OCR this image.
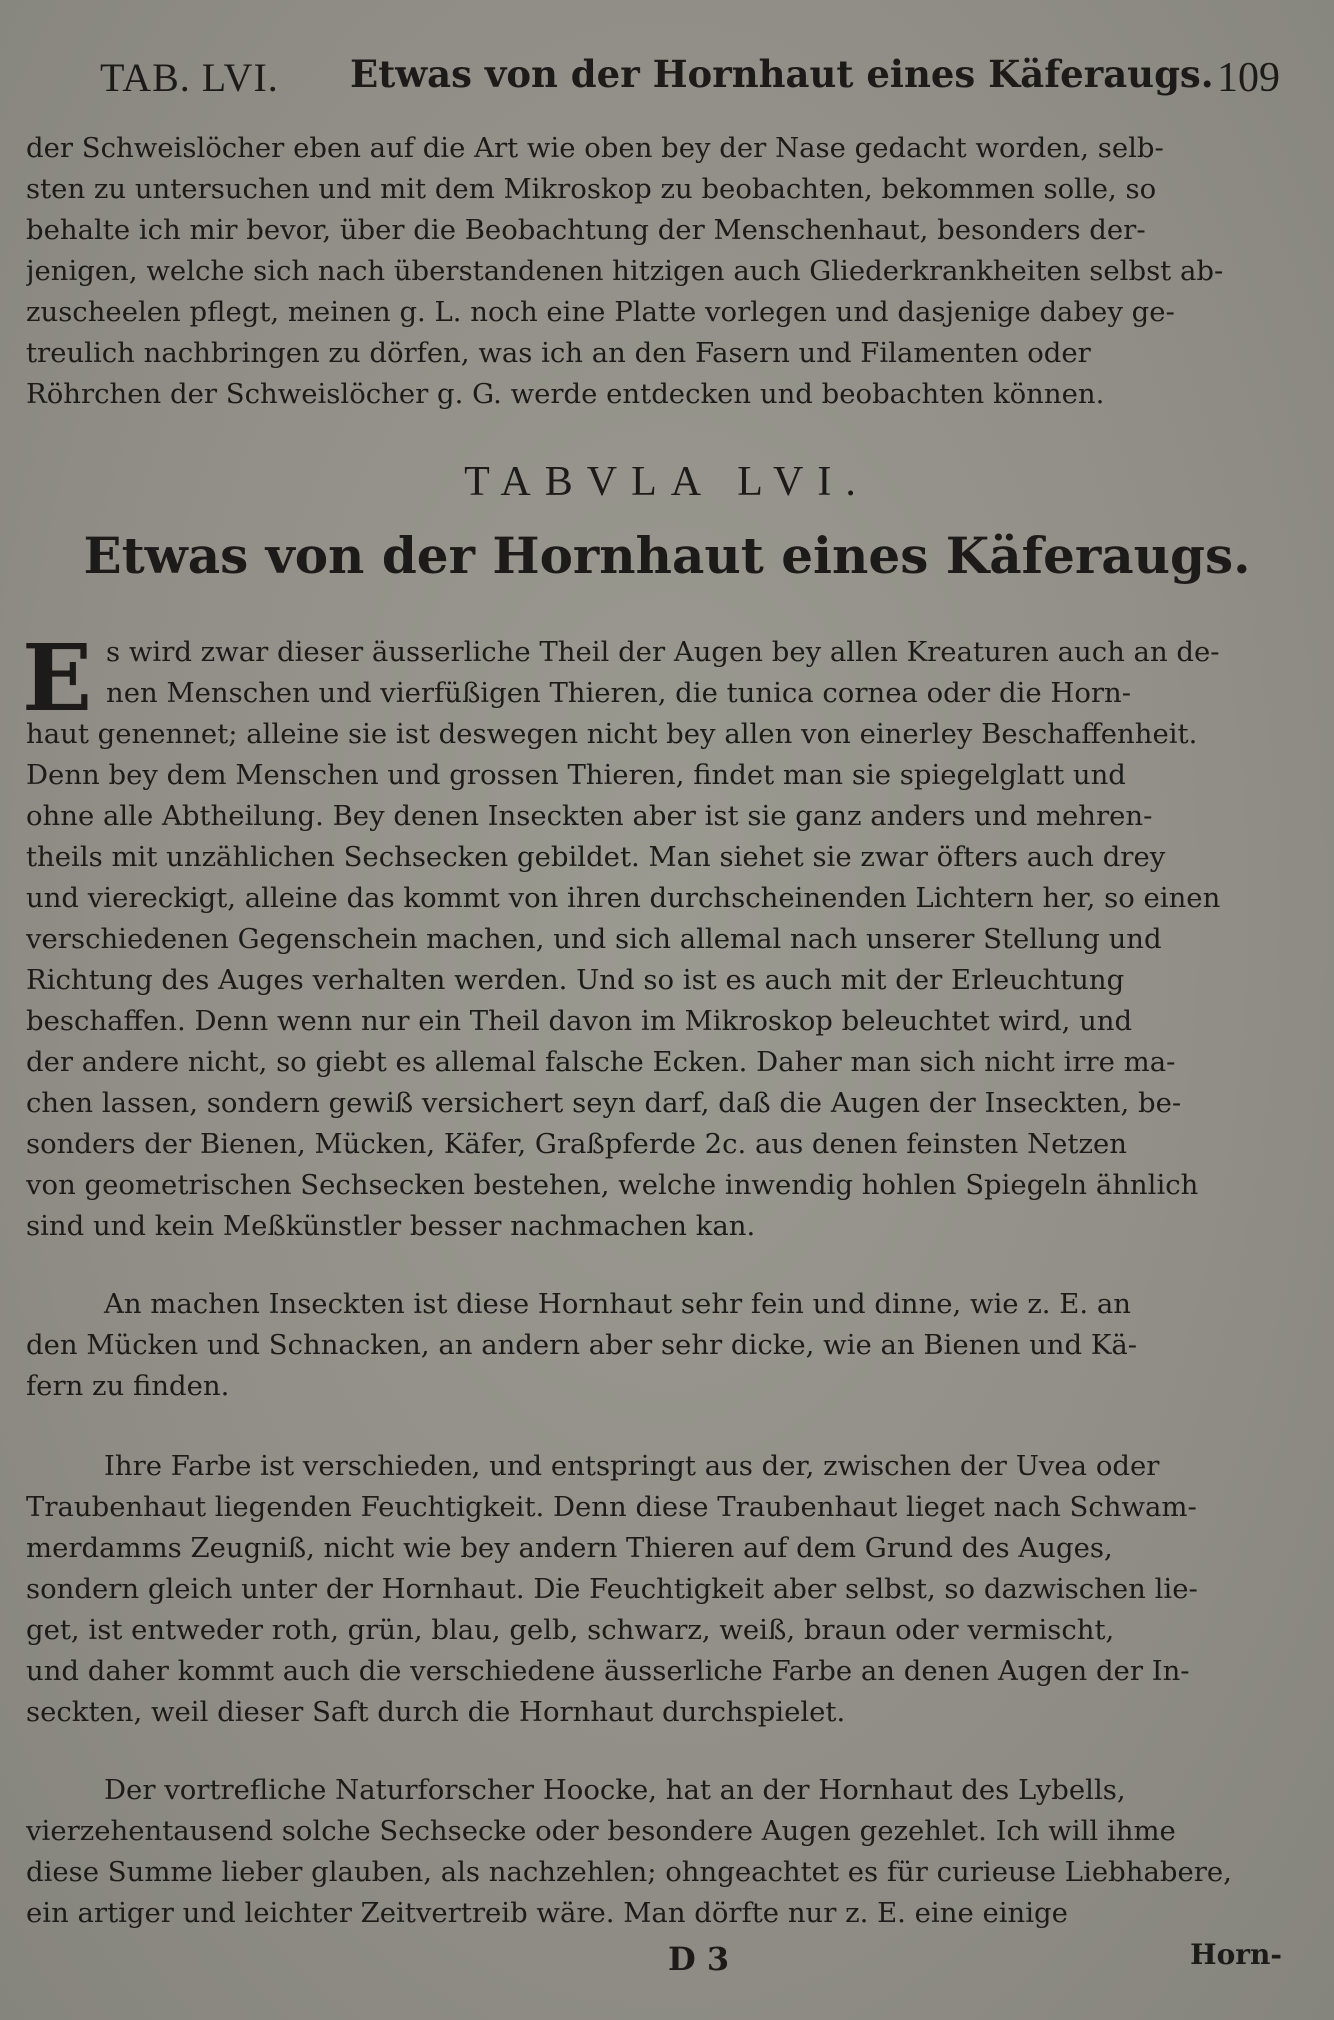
TAB. LVI. Etwas von der Hornhaut eines Käferaugs. 109
der Schweislöcher eben auf die Art wie oben bey der Nase gedacht worden, selb-
sten zu untersuchen und mit dem Mikroskop zu beobachten, bekommen solle, so
behalte ich mir bevor, über die Beobachtung der Menschenhaut, besonders der-
jenigen, welche sich nach überstandenen hitzigen auch Gliederkrankheiten selbst ab-
zuscheelen pflegt, meinen g. L. noch eine Platte vorlegen und dasjenige dabey ge-
treulich nachbringen zu dörfen, was ich an den Fasern und Filamenten oder
Röhrchen der Schweislöcher g. G. werde entdecken und beobachten können.
TABVLA LVI.
Etwas von der Hornhaut eines Käferaugs.
E s wird zwar dieser äusserliche Theil der Augen bey allen Kreaturen auch an de-
nen Menschen und vierfüßigen Thieren, die tunica cornea oder die Horn-
haut genennet; alleine sie ist deswegen nicht bey allen von einerley Beschaffenheit.
Denn bey dem Menschen und grossen Thieren, findet man sie spiegelglatt und
ohne alle Abtheilung. Bey denen Inseckten aber ist sie ganz anders und mehren-
theils mit unzählichen Sechsecken gebildet. Man siehet sie zwar öfters auch drey
und viereckigt, alleine das kommt von ihren durchscheinenden Lichtern her, so einen
verschiedenen Gegenschein machen, und sich allemal nach unserer Stellung und
Richtung des Auges verhalten werden. Und so ist es auch mit der Erleuchtung
beschaffen. Denn wenn nur ein Theil davon im Mikroskop beleuchtet wird, und
der andere nicht, so giebt es allemal falsche Ecken. Daher man sich nicht irre ma-
chen lassen, sondern gewiß versichert seyn darf, daß die Augen der Inseckten, be-
sonders der Bienen, Mücken, Käfer, Graßpferde 2c. aus denen feinsten Netzen
von geometrischen Sechsecken bestehen, welche inwendig hohlen Spiegeln ähnlich
sind und kein Meßkünstler besser nachmachen kan.
An machen Inseckten ist diese Hornhaut sehr fein und dinne, wie z. E. an
den Mücken und Schnacken, an andern aber sehr dicke, wie an Bienen und Kä-
fern zu finden.
Ihre Farbe ist verschieden, und entspringt aus der, zwischen der Uvea oder
Traubenhaut liegenden Feuchtigkeit. Denn diese Traubenhaut lieget nach Schwam-
merdamms Zeugniß, nicht wie bey andern Thieren auf dem Grund des Auges,
sondern gleich unter der Hornhaut. Die Feuchtigkeit aber selbst, so dazwischen lie-
get, ist entweder roth, grün, blau, gelb, schwarz, weiß, braun oder vermischt,
und daher kommt auch die verschiedene äusserliche Farbe an denen Augen der In-
seckten, weil dieser Saft durch die Hornhaut durchspielet.
Der vortrefliche Naturforscher Hoocke, hat an der Hornhaut des Lybells,
vierzehentausend solche Sechsecke oder besondere Augen gezehlet. Ich will ihme
diese Summe lieber glauben, als nachzehlen; ohngeachtet es für curieuse Liebhabere,
ein artiger und leichter Zeitvertreib wäre. Man dörfte nur z. E. eine einige
D 3	Horn-
